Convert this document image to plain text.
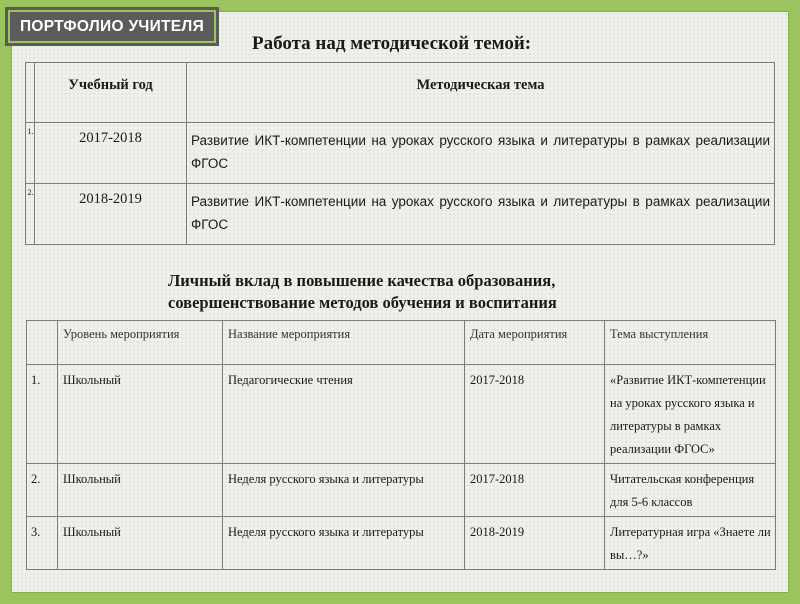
ПОРТФОЛИО УЧИТЕЛЯ
Работа над методической темой:
	Учебный год	Методическая тема
1.	2017-2018	Развитие ИКТ-компетенции на уроках русского языка и литературы в рамках реализации ФГОС
2.	2018-2019	Развитие ИКТ-компетенции на уроках русского языка и литературы в рамках реализации ФГОС
Личный вклад в повышение качества образования, совершенствование методов обучения и воспитания
	Уровень мероприятия	Название мероприятия	Дата мероприятия	Тема выступления
1.	Школьный	Педагогические чтения	2017-2018	«Развитие ИКТ-компетенции на уроках русского языка и литературы в рамках реализации ФГОС»
2.	Школьный	Неделя русского языка и литературы	2017-2018	Читательская конференция для 5-6 классов
3.	Школьный	Неделя русского языка и литературы	2018-2019	Литературная игра «Знаете ли вы…?»
